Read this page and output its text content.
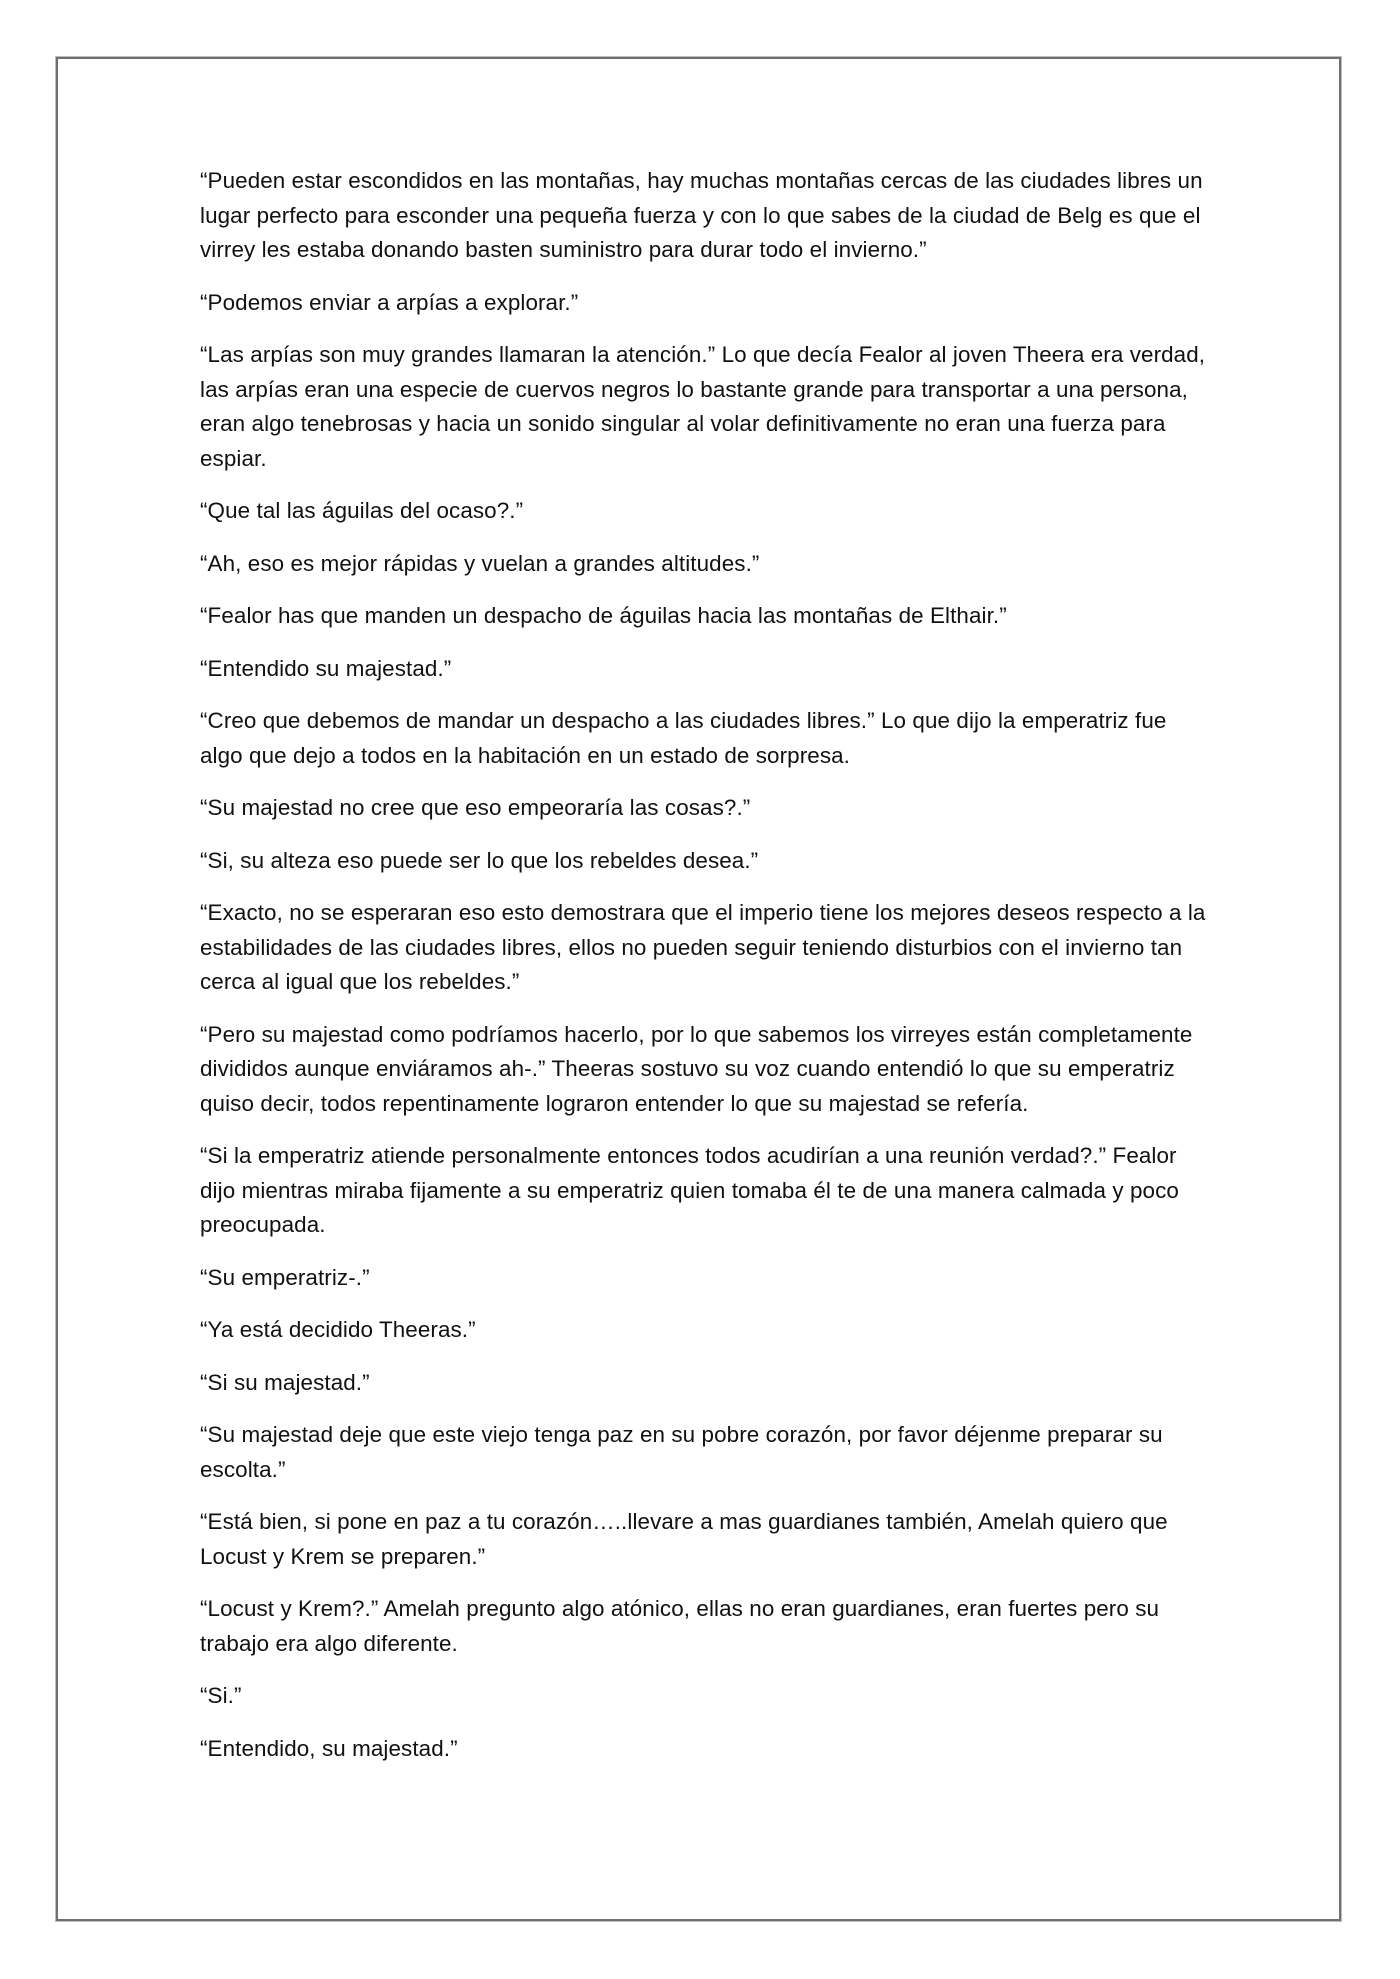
“Pueden estar escondidos en las montañas, hay muchas montañas cercas de las ciudades libres un lugar perfecto para esconder una pequeña fuerza y con lo que sabes de la ciudad de Belg es que el virrey les estaba donando basten suministro para durar todo el invierno.”

“Podemos enviar a arpías a explorar.”

“Las arpías son muy grandes llamaran la atención.” Lo que decía Fealor al joven Theera era verdad, las arpías eran una especie de cuervos negros lo bastante grande para transportar a una persona, eran algo tenebrosas y hacia un sonido singular al volar definitivamente no eran una fuerza para espiar.

“Que tal las águilas del ocaso?.”

“Ah, eso es mejor rápidas y vuelan a grandes altitudes.”

“Fealor has que manden un despacho de águilas hacia las montañas de Elthair.”

“Entendido su majestad.”

“Creo que debemos de mandar un despacho a las ciudades libres.” Lo que dijo la emperatriz fue algo que dejo a todos en la habitación en un estado de sorpresa.

“Su majestad no cree que eso empeoraría las cosas?.”

“Si, su alteza eso puede ser lo que los rebeldes desea.”

“Exacto, no se esperaran eso esto demostrara que el imperio tiene los mejores deseos respecto a la estabilidades de las ciudades libres, ellos no pueden seguir teniendo disturbios con el invierno tan cerca al igual que los rebeldes.”

“Pero su majestad como podríamos hacerlo, por lo que sabemos los virreyes están completamente divididos aunque enviáramos ah-.” Theeras sostuvo su voz cuando entendió lo que su emperatriz quiso decir, todos repentinamente lograron entender lo que su majestad se refería.

“Si la emperatriz atiende personalmente entonces todos acudirían a una reunión verdad?.” Fealor dijo mientras miraba fijamente a su emperatriz quien tomaba él te de una manera calmada y poco preocupada.

“Su emperatriz-.”

“Ya está decidido Theeras.”

“Si su majestad.”

“Su majestad deje que este viejo tenga paz en su pobre corazón, por favor déjenme preparar su escolta.”

“Está bien, si pone en paz a tu corazón…..llevare a mas guardianes también, Amelah quiero que Locust y Krem se preparen.”

“Locust y Krem?.” Amelah pregunto algo atónico, ellas no eran guardianes, eran fuertes pero su trabajo era algo diferente.

“Si.”

“Entendido, su majestad.”
